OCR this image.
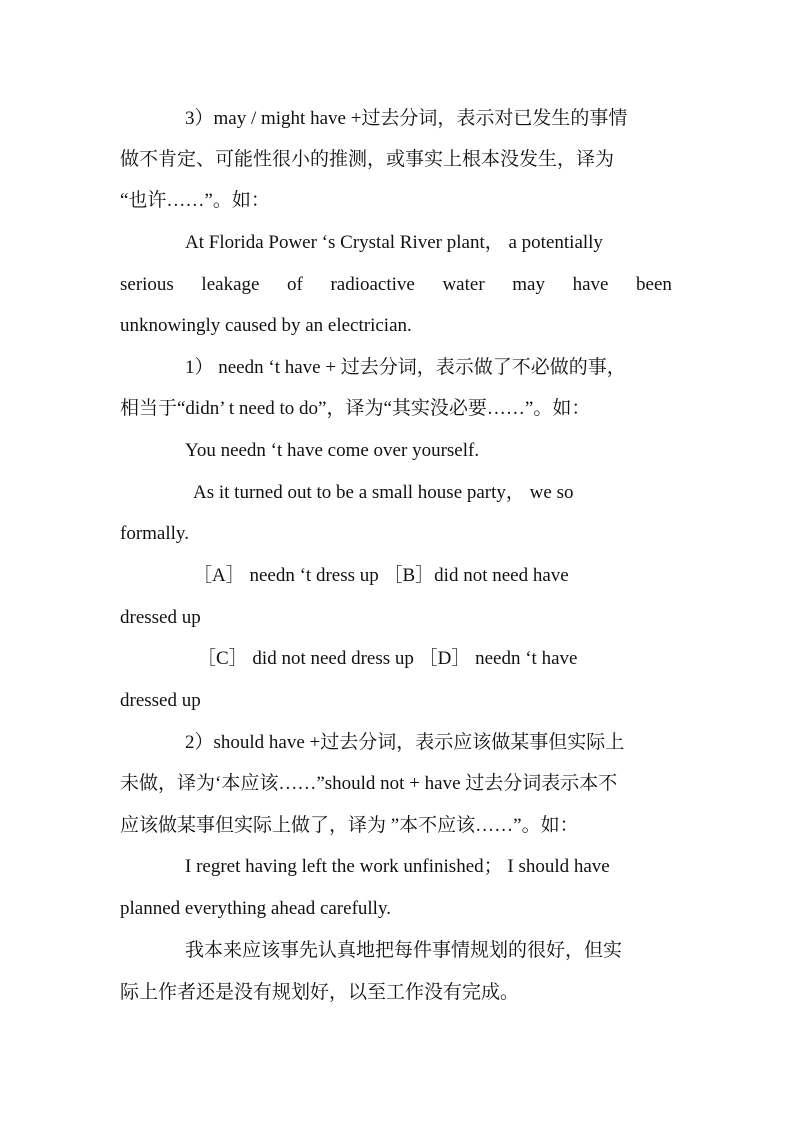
3）may / might have +过去分词，表示对已发生的事情
做不肯定、可能性很小的推测，或事实上根本没发生，译为
“也许……”。如：
At Florida Power ‘s Crystal River plant， a potentially
serious leakage of radioactive water may have been
unknowingly caused by an electrician.
1） needn ‘t have + 过去分词，表示做了不必做的事，
相当于“didn’ t need to do”，译为“其实没必要……”。如：
You needn ‘t have come over yourself.
As it turned out to be a small house party， we so
formally.
［A］ needn ‘t dress up ［B］did not need have
dressed up
［C］ did not need dress up ［D］ needn ‘t have
dressed up
2）should have +过去分词，表示应该做某事但实际上
未做，译为‘本应该……”should not + have 过去分词表示本不
应该做某事但实际上做了，译为 ”本不应该……”。如：
I regret having left the work unfinished； I should have
planned everything ahead carefully.
我本来应该事先认真地把每件事情规划的很好，但实
际上作者还是没有规划好，以至工作没有完成。
